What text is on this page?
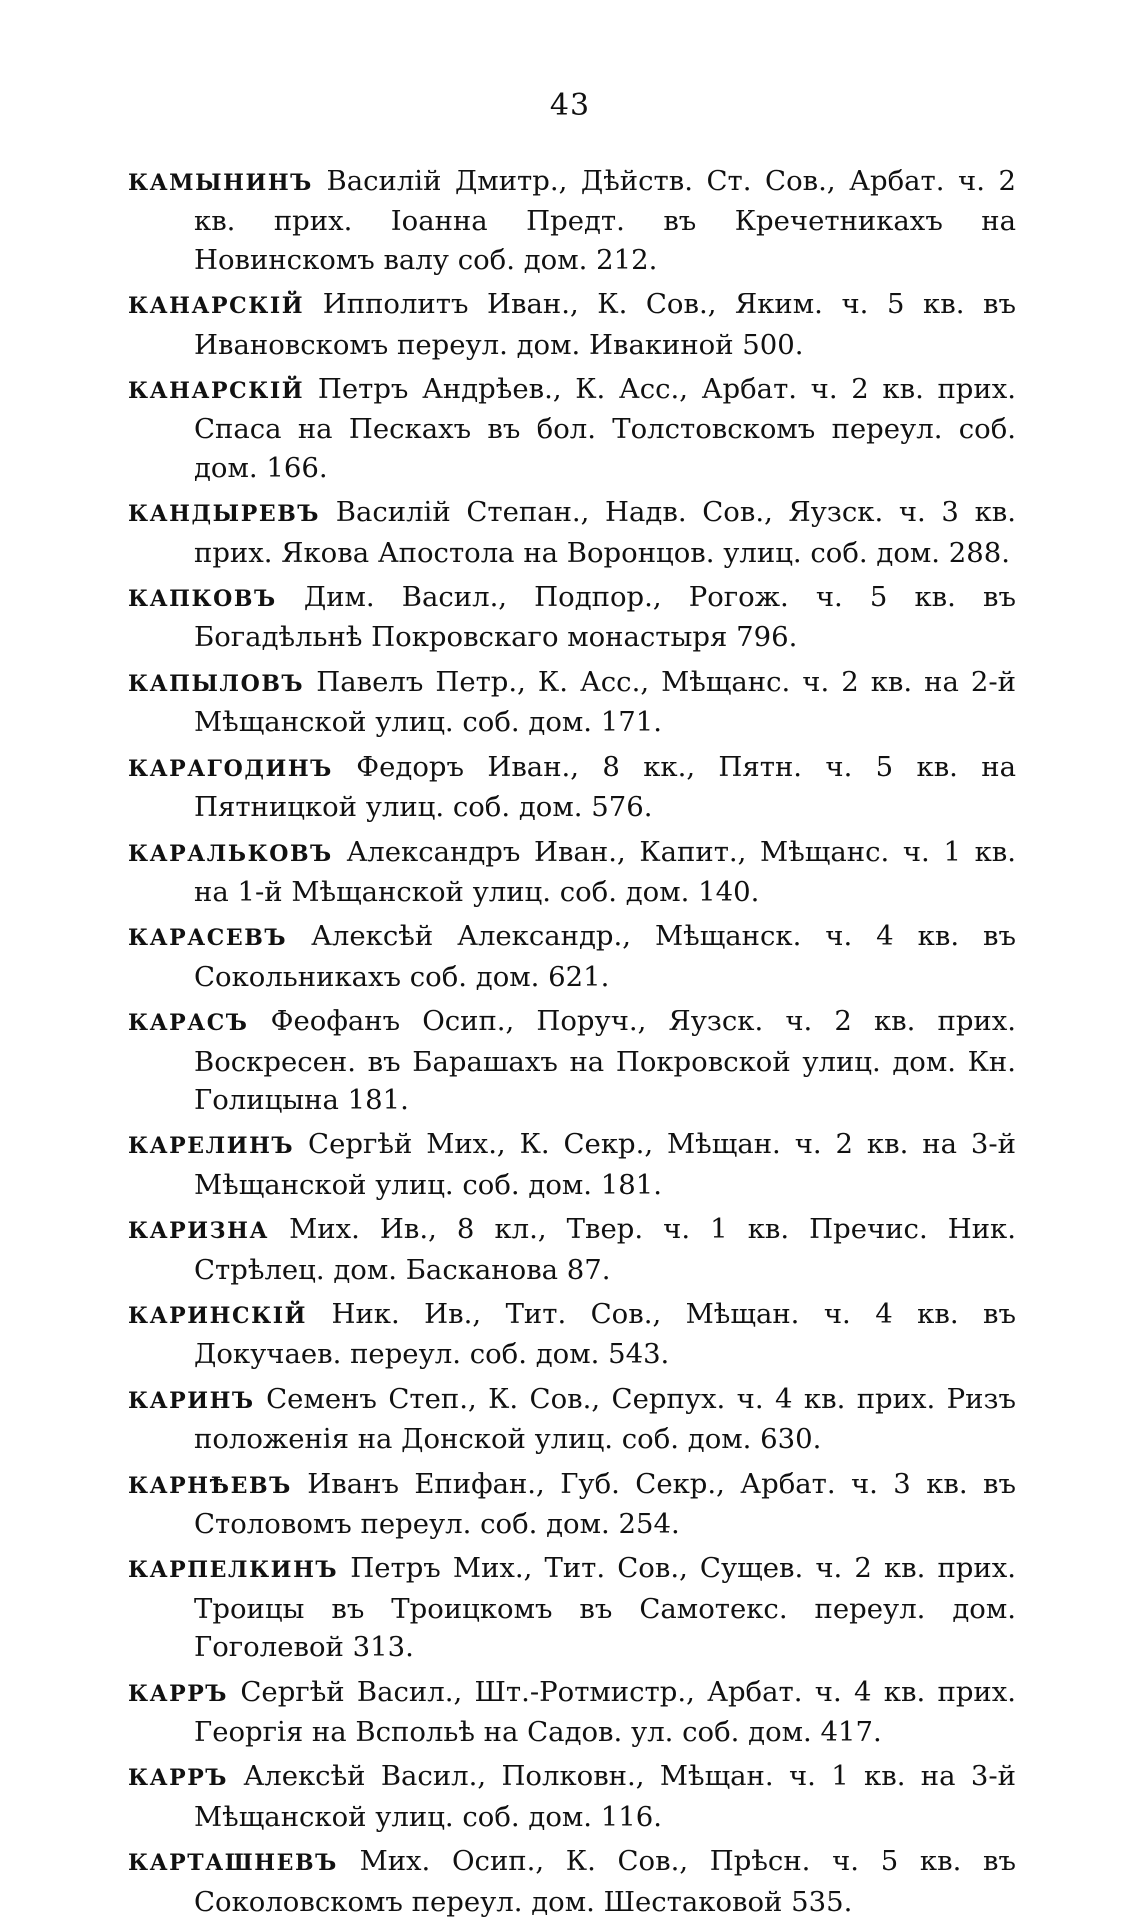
43
КАМЫНИНЪ Василій Дмитр., Дѣйств. Ст. Сов., Арбат. ч. 2 кв. прих. Іоанна Предт. въ Кречетникахъ на Новинскомъ валу соб. дом. 212.
КАНАРСКІЙ Ипполитъ Иван., К. Сов., Яким. ч. 5 кв. въ Ивановскомъ переул. дом. Ивакиной 500.
КАНАРСКІЙ Петръ Андрѣев., К. Асс., Арбат. ч. 2 кв. прих. Спаса на Пескахъ въ бол. Толстовскомъ переул. соб. дом. 166.
КАНДЫРЕВЪ Василій Степан., Надв. Сов., Яузск. ч. 3 кв. прих. Якова Апостола на Воронцов. улиц. соб. дом. 288.
КАПКОВЪ Дим. Васил., Подпор., Рогож. ч. 5 кв. въ Богадѣльнѣ Покровскаго монастыря 796.
КАПЫЛОВЪ Павелъ Петр., К. Асс., Мѣщанс. ч. 2 кв. на 2-й Мѣщанской улиц. соб. дом. 171.
КАРАГОДИНЪ Федоръ Иван., 8 кк., Пятн. ч. 5 кв. на Пятницкой улиц. соб. дом. 576.
КАРАЛЬКОВЪ Александръ Иван., Капит., Мѣщанс. ч. 1 кв. на 1-й Мѣщанской улиц. соб. дом. 140.
КАРАСЕВЪ Алексѣй Александр., Мѣщанск. ч. 4 кв. въ Сокольникахъ соб. дом. 621.
КАРАСЪ Феофанъ Осип., Поруч., Яузск. ч. 2 кв. прих. Воскресен. въ Барашахъ на Покровской улиц. дом. Кн. Голицына 181.
КАРЕЛИНЪ Сергѣй Мих., К. Секр., Мѣщан. ч. 2 кв. на 3-й Мѣщанской улиц. соб. дом. 181.
КАРИЗНА Мих. Ив., 8 кл., Твер. ч. 1 кв. Пречис. Ник. Стрѣлец. дом. Басканова 87.
КАРИНСКІЙ Ник. Ив., Тит. Сов., Мѣщан. ч. 4 кв. въ Докучаев. переул. соб. дом. 543.
КАРИНЪ Семенъ Степ., К. Сов., Серпух. ч. 4 кв. прих. Ризъ положенія на Донской улиц. соб. дом. 630.
КАРНѢЕВЪ Иванъ Епифан., Губ. Секр., Арбат. ч. 3 кв. въ Столовомъ переул. соб. дом. 254.
КАРПЕЛКИНЪ Петръ Мих., Тит. Сов., Сущев. ч. 2 кв. прих. Троицы въ Троицкомъ въ Самотекс. переул. дом. Гоголевой 313.
КАРРЪ Сергѣй Васил., Шт.-Ротмистр., Арбат. ч. 4 кв. прих. Георгія на Вспольѣ на Садов. ул. соб. дом. 417.
КАРРЪ Алексѣй Васил., Полковн., Мѣщан. ч. 1 кв. на 3-й Мѣщанской улиц. соб. дом. 116.
КАРТАШНЕВЪ Мих. Осип., К. Сов., Прѣсн. ч. 5 кв. въ Соколовскомъ переул. дом. Шестаковой 535.
